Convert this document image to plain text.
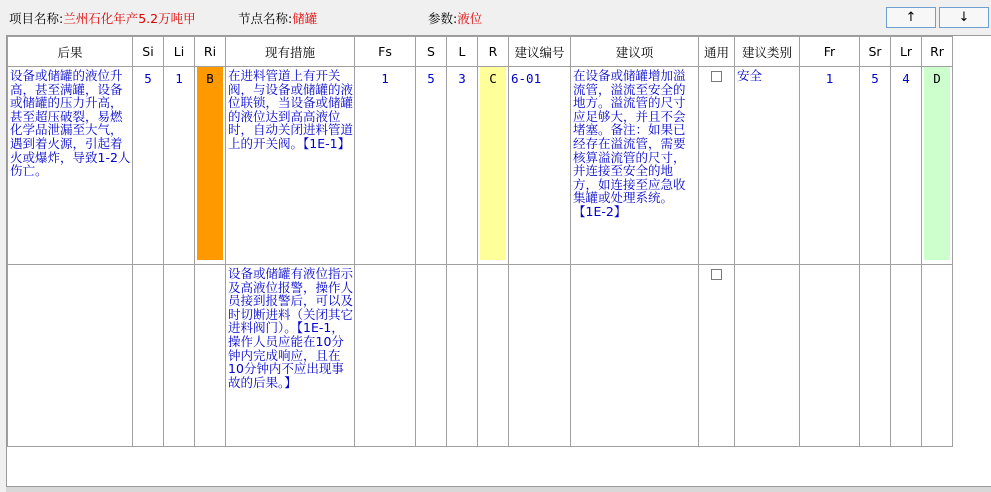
项目名称:兰州石化年产5.2万吨甲	节点名称:储罐	参数:液位	↑	↓
后果	Si	Li	Ri	现有措施	Fs	S	L	R	建议编号	建议项	通用	建议类别	Fr	Sr	Lr	Rr

设备或储罐的液位升高，甚至满罐，设备或储罐的压力升高，甚至超压破裂，易燃化学品泄漏至大气，遇到着火源，引起着火或爆炸，导致1-2人伤亡。	5	1	B	在进料管道上有开关阀，与设备或储罐的液位联锁，当设备或储罐的液位达到高高液位时，自动关闭进料管道上的开关阀。【1E-1】	1	5	3	C	6-01	在设备或储罐增加溢流管，溢流至安全的地方。溢流管的尺寸应足够大，并且不会堵塞。备注：如果已经存在溢流管，需要核算溢流管的尺寸，并连接至安全的地方，如连接至应急收集罐或处理系统。【1E-2】		安全	1	5	4	D

				设备或储罐有液位指示及高液位报警，操作人员接到报警后，可以及时切断进料（关闭其它进料阀门）。【1E-1，操作人员应能在10分钟内完成响应，且在10分钟内不应出现事故的后果。】												
